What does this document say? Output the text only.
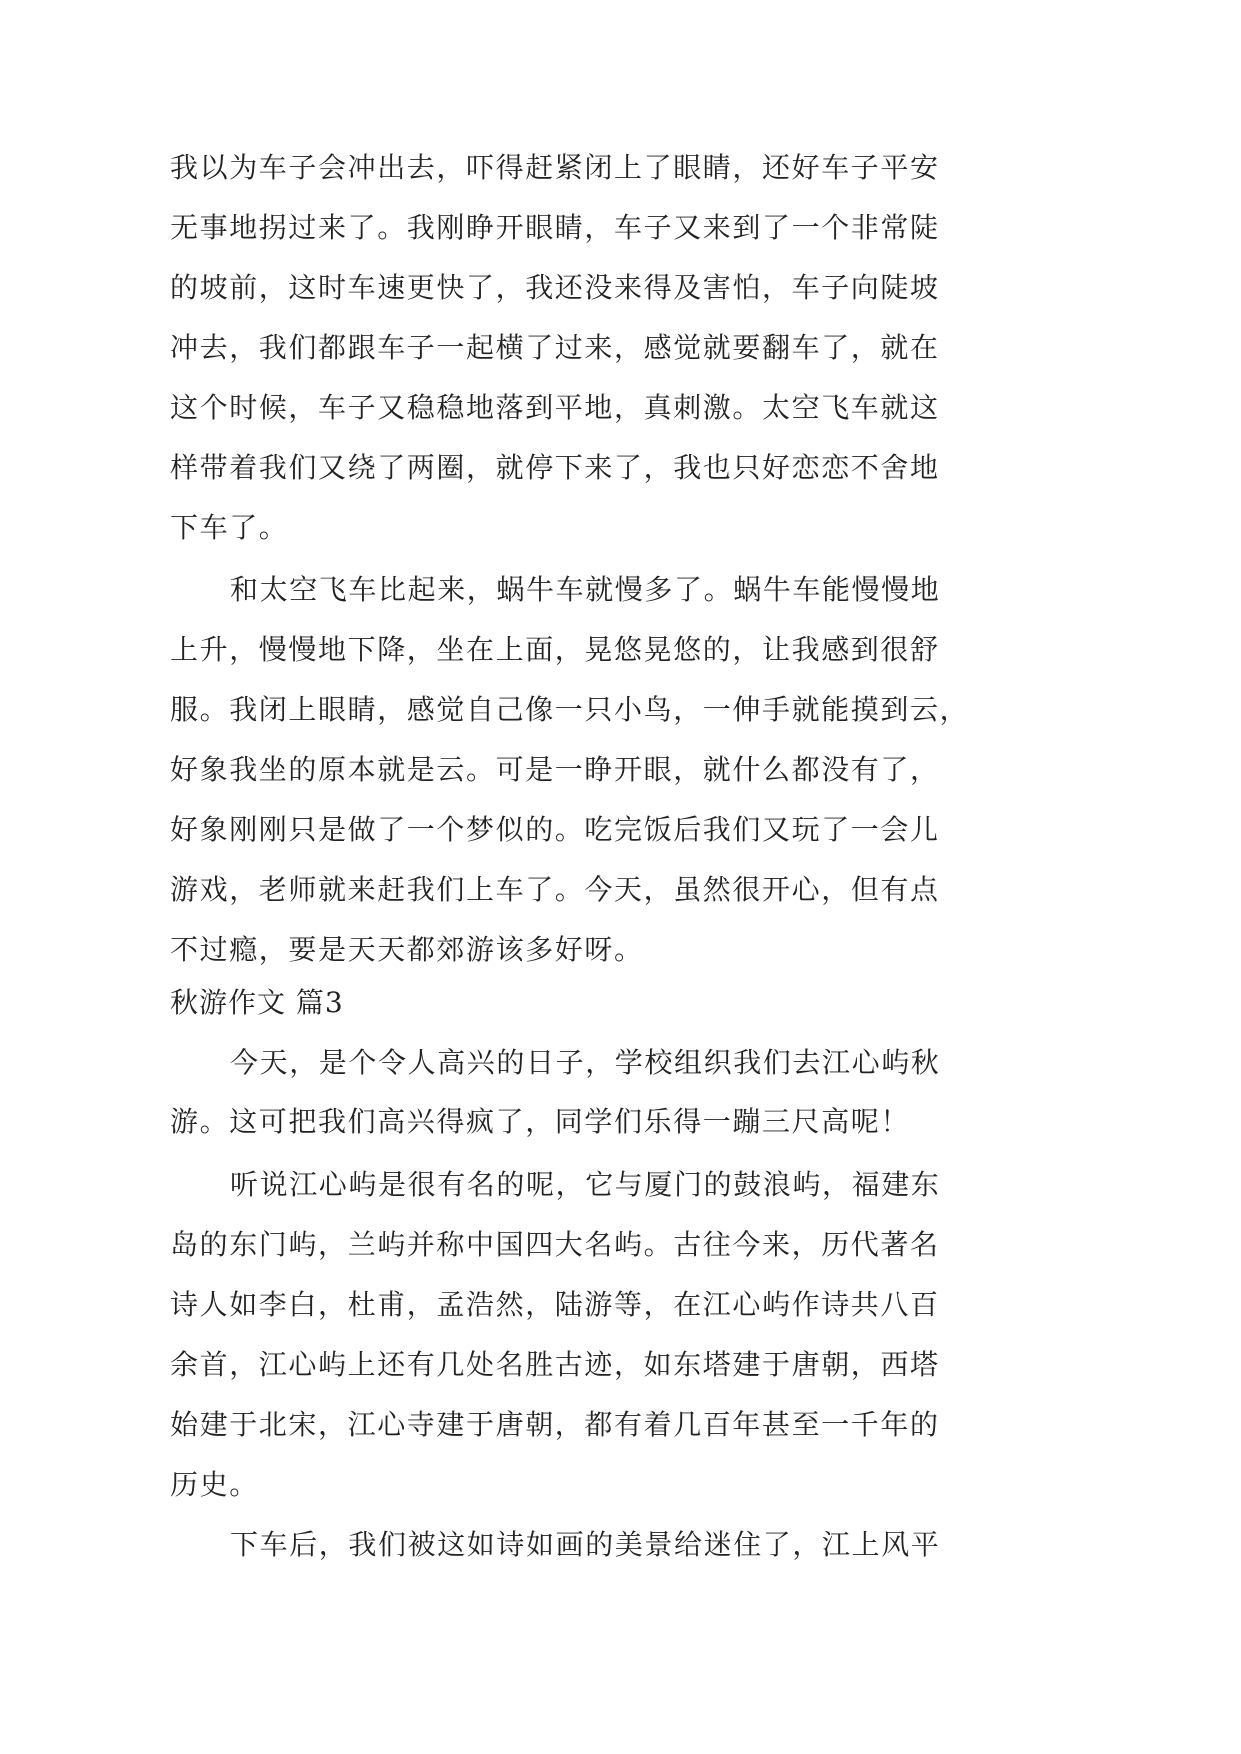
我以为车子会冲出去，吓得赶紧闭上了眼睛，还好车子平安
无事地拐过来了。我刚睁开眼睛，车子又来到了一个非常陡
的坡前，这时车速更快了，我还没来得及害怕，车子向陡坡
冲去，我们都跟车子一起横了过来，感觉就要翻车了，就在
这个时候，车子又稳稳地落到平地，真刺激。太空飞车就这
样带着我们又绕了两圈，就停下来了，我也只好恋恋不舍地
下车了。
和太空飞车比起来，蜗牛车就慢多了。蜗牛车能慢慢地
上升，慢慢地下降，坐在上面，晃悠晃悠的，让我感到很舒
服。我闭上眼睛，感觉自己像一只小鸟，一伸手就能摸到云，
好象我坐的原本就是云。可是一睁开眼，就什么都没有了，
好象刚刚只是做了一个梦似的。吃完饭后我们又玩了一会儿
游戏，老师就来赶我们上车了。今天，虽然很开心，但有点
不过瘾，要是天天都郊游该多好呀。
秋游作文 篇3
今天，是个令人高兴的日子，学校组织我们去江心屿秋
游。这可把我们高兴得疯了，同学们乐得一蹦三尺高呢！
听说江心屿是很有名的呢，它与厦门的鼓浪屿，福建东
岛的东门屿，兰屿并称中国四大名屿。古往今来，历代著名
诗人如李白，杜甫，孟浩然，陆游等，在江心屿作诗共八百
余首，江心屿上还有几处名胜古迹，如东塔建于唐朝，西塔
始建于北宋，江心寺建于唐朝，都有着几百年甚至一千年的
历史。
下车后，我们被这如诗如画的美景给迷住了，江上风平
